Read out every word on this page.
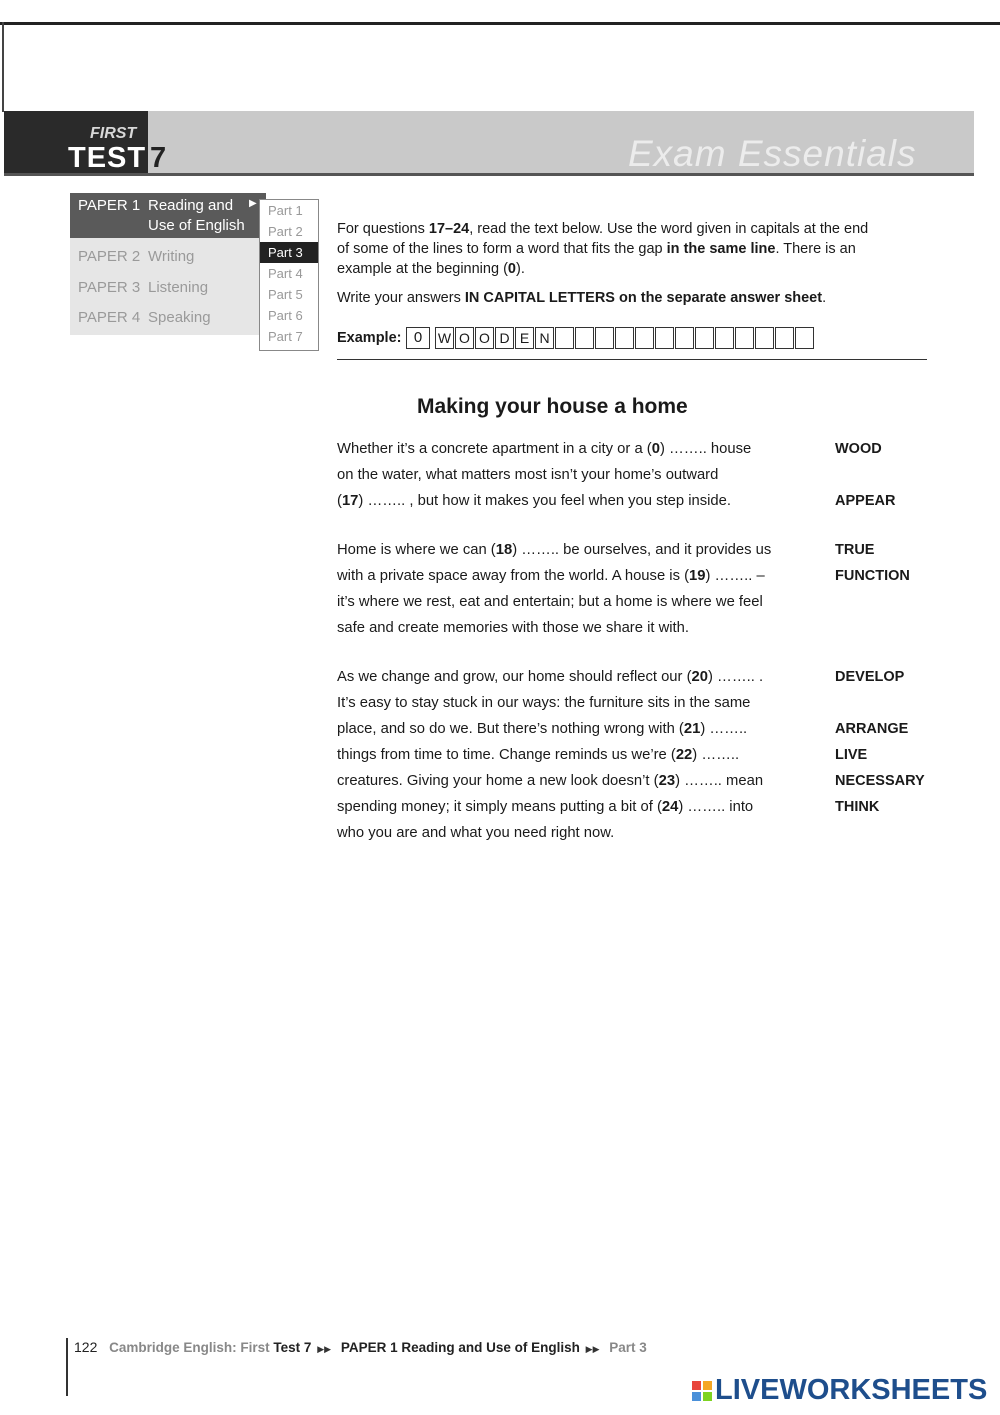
FIRST
TEST 7	Exam Essentials
PAPER 1 Reading and
Use of English
▶
PAPER 2 Writing
PAPER 3 Listening
PAPER 4 Speaking
Part 1
Part 2
Part 3
Part 4
Part 5
Part 6
Part 7
For questions 17–24, read the text below. Use the word given in capitals at the end
of some of the lines to form a word that fits the gap in the same line. There is an
example at the beginning (0).
Write your answers IN CAPITAL LETTERS on the separate answer sheet.
Example: 0	W O O D E N
Making your house a home
Whether it’s a concrete apartment in a city or a (0) …….. house
on the water, what matters most isn’t your home’s outward
(17) …….. , but how it makes you feel when you step inside.
Home is where we can (18) …….. be ourselves, and it provides us
with a private space away from the world. A house is (19) …….. –
it’s where we rest, eat and entertain; but a home is where we feel
safe and create memories with those we share it with.
As we change and grow, our home should reflect our (20) …….. .
It’s easy to stay stuck in our ways: the furniture sits in the same
place, and so do we. But there’s nothing wrong with (21) ……..
things from time to time. Change reminds us we’re (22) ……..
creatures. Giving your home a new look doesn’t (23) …….. mean
spending money; it simply means putting a bit of (24) …….. into
who you are and what you need right now.
WOOD
APPEAR
TRUE
FUNCTION
DEVELOP
ARRANGE
LIVE
NECESSARY
THINK
122 Cambridge English: First Test 7 ▶▶ PAPER 1 Reading and Use of English ▶▶ Part 3
LIVEWORKSHEETS
